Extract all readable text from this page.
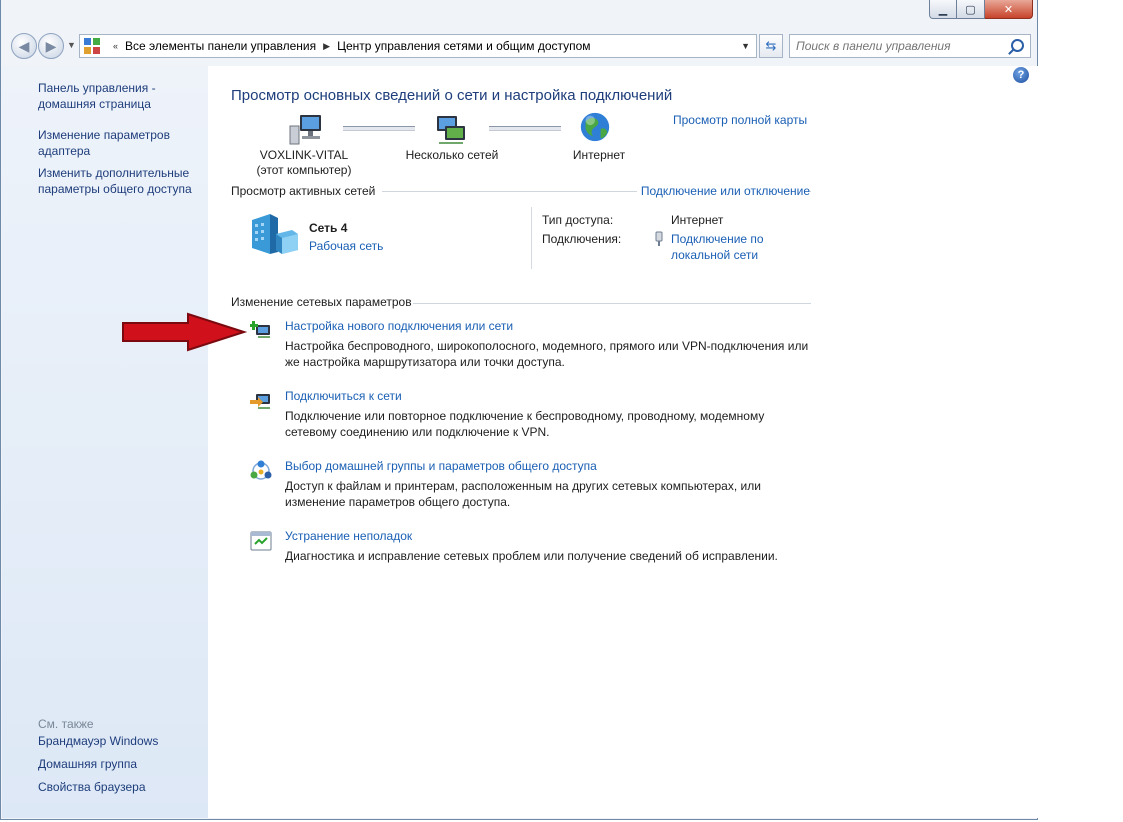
▁	▢	✕
◀	▶	▼	« Все элементы панели управления ▶ Центр управления сетями и общим доступом	▼	⇆
Поиск в панели управления
Панель управления - домашняя страница
Изменение параметров адаптера
Изменить дополнительные параметры общего доступа
См. также
Брандмауэр Windows
Домашняя группа
Свойства браузера
?
Просмотр основных сведений о сети и настройка подключений
Просмотр полной карты
VOXLINK-VITAL
(этот компьютер)
Несколько сетей	Интернет
Просмотр активных сетей	Подключение или отключение
Сеть 4
Рабочая сеть
Тип доступа:	Интернет
Подключения:	Подключение по локальной сети
Изменение сетевых параметров
Настройка нового подключения или сети
Настройка беспроводного, широкополосного, модемного, прямого или VPN-подключения или же настройка маршрутизатора или точки доступа.
Подключиться к сети
Подключение или повторное подключение к беспроводному, проводному, модемному сетевому соединению или подключение к VPN.
Выбор домашней группы и параметров общего доступа
Доступ к файлам и принтерам, расположенным на других сетевых компьютерах, или изменение параметров общего доступа.
Устранение неполадок
Диагностика и исправление сетевых проблем или получение сведений об исправлении.
